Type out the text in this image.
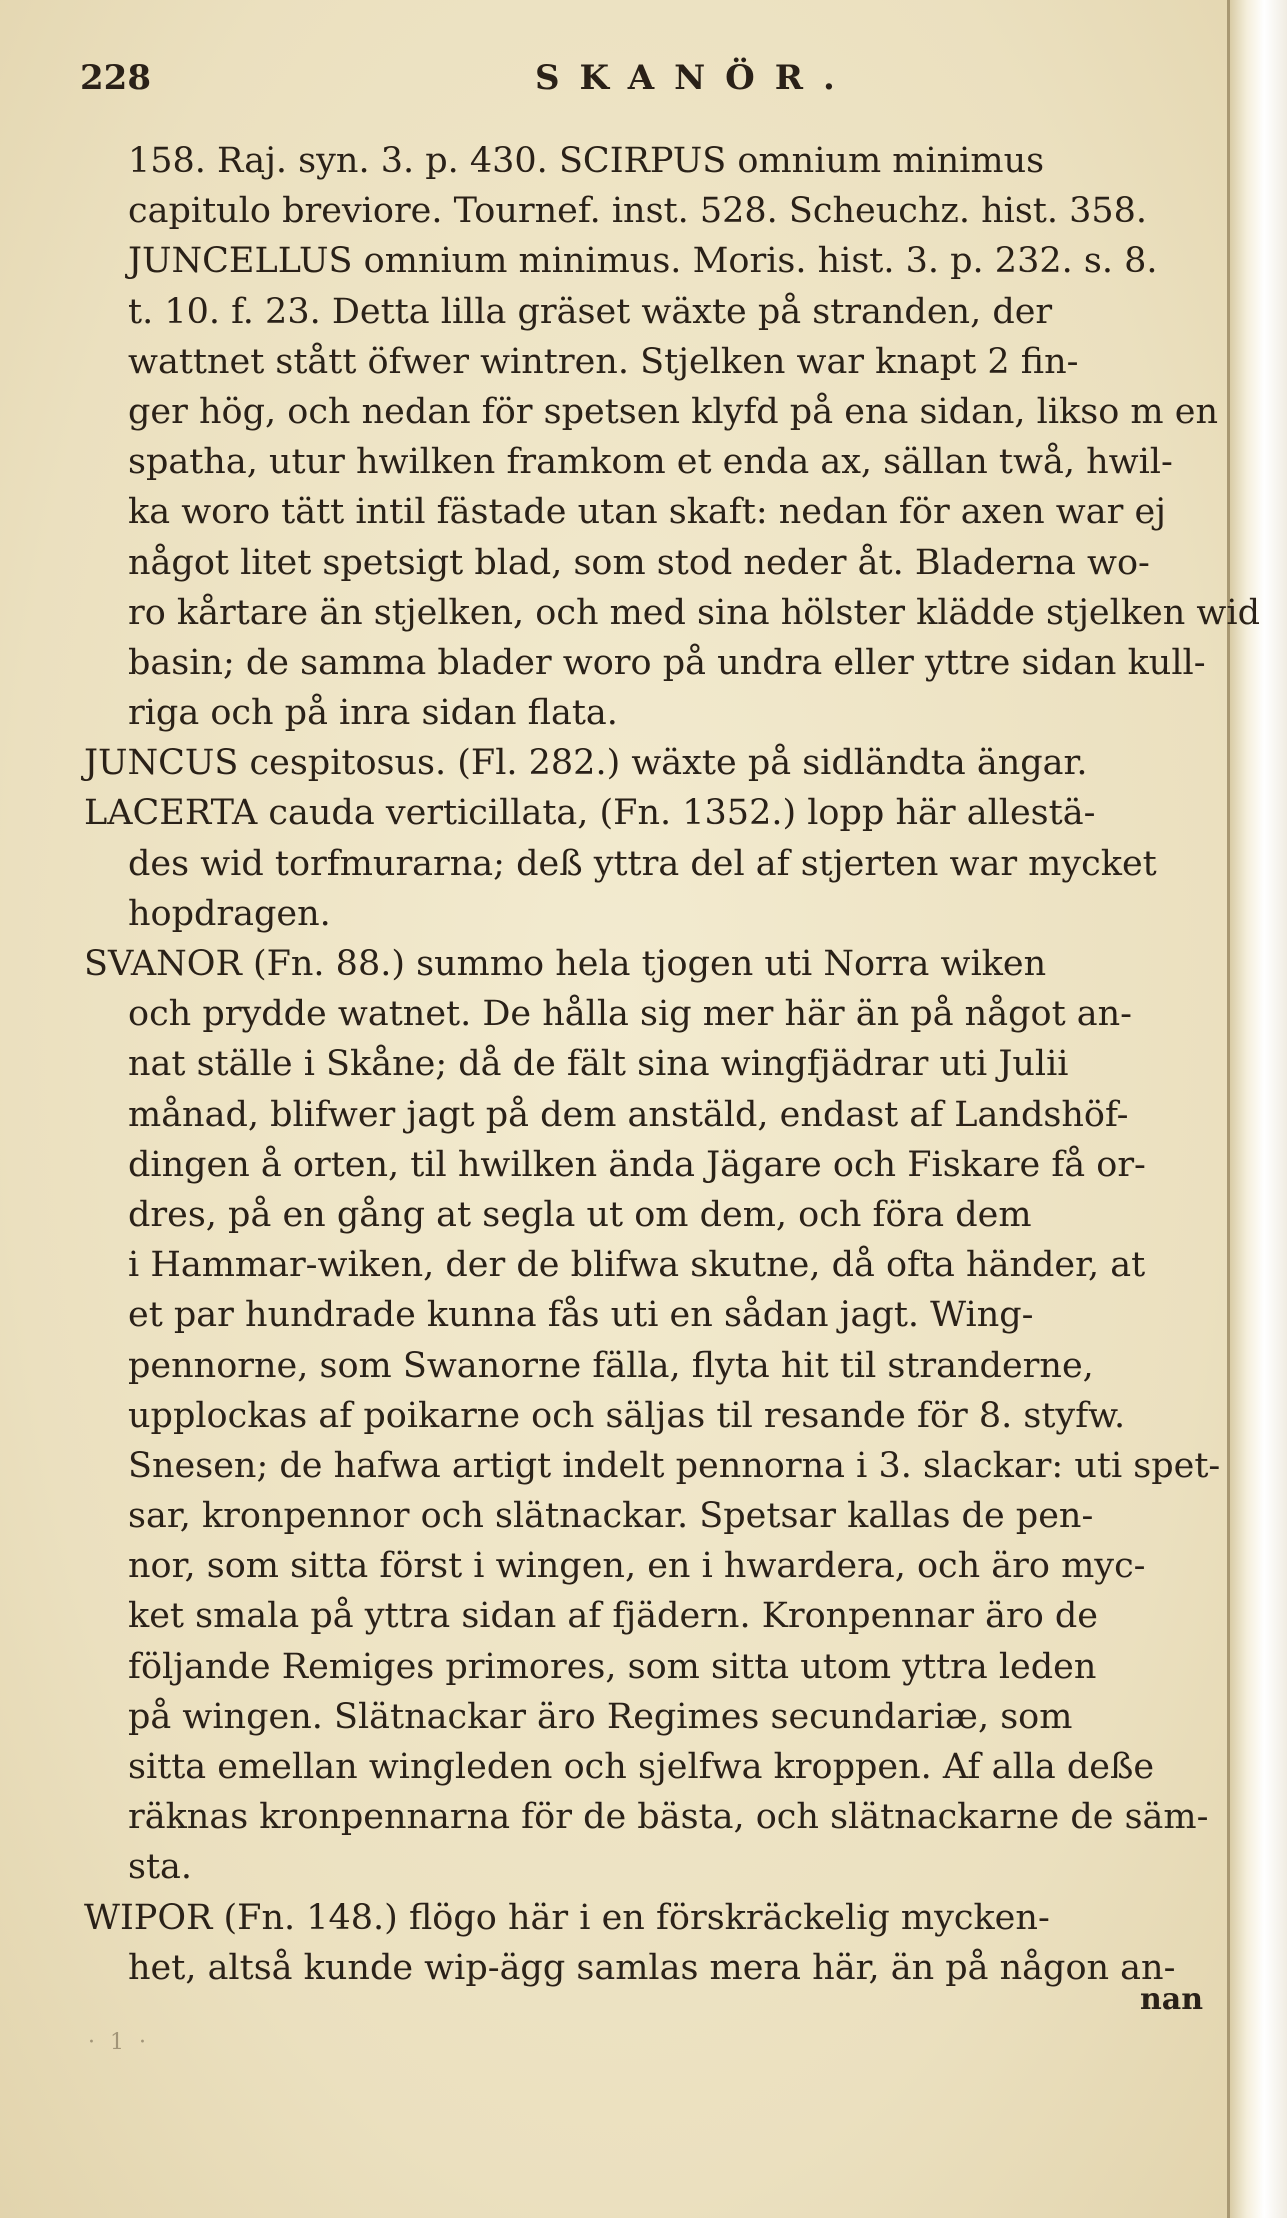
228	SKANÖR.
158. Raj. syn. 3. p. 430. SCIRPUS omnium minimus
capitulo breviore. Tournef. inst. 528. Scheuchz. hist. 358.
JUNCELLUS omnium minimus. Moris. hist. 3. p. 232. s. 8.
t. 10. f. 23. Detta lilla gräset wäxte på stranden, der
wattnet stått öfwer wintren. Stjelken war knapt 2 fin-
ger hög, och nedan för spetsen klyfd på ena sidan, likso m en
spatha, utur hwilken framkom et enda ax, sällan twå, hwil-
ka woro tätt intil fästade utan skaft: nedan för axen war ej
något litet spetsigt blad, som stod neder åt. Bladerna wo-
ro kårtare än stjelken, och med sina hölster klädde stjelken wid
basin; de samma blader woro på undra eller yttre sidan kull-
riga och på inra sidan flata.
JUNCUS cespitosus. (Fl. 282.) wäxte på sidländta ängar.
LACERTA cauda verticillata, (Fn. 1352.) lopp här allestä-
des wid torfmurarna; deß yttra del af stjerten war mycket
hopdragen.
SVANOR (Fn. 88.) summo hela tjogen uti Norra wiken
och prydde watnet. De hålla sig mer här än på något an-
nat ställe i Skåne; då de fält sina wingfjädrar uti Julii
månad, blifwer jagt på dem anstäld, endast af Landshöf-
dingen å orten, til hwilken ända Jägare och Fiskare få or-
dres, på en gång at segla ut om dem, och föra dem
i Hammar-wiken, der de blifwa skutne, då ofta händer, at
et par hundrade kunna fås uti en sådan jagt. Wing-
pennorne, som Swanorne fälla, flyta hit til stranderne,
upplockas af poikarne och säljas til resande för 8. styfw.
Snesen; de hafwa artigt indelt pennorna i 3. slackar: uti spet-
sar, kronpennor och slätnackar. Spetsar kallas de pen-
nor, som sitta först i wingen, en i hwardera, och äro myc-
ket smala på yttra sidan af fjädern. Kronpennar äro de
följande Remiges primores, som sitta utom yttra leden
på wingen. Slätnackar äro Regimes secundariæ, som
sitta emellan wingleden och sjelfwa kroppen. Af alla deße
räknas kronpennarna för de bästa, och slätnackarne de säm-
sta.
WIPOR (Fn. 148.) flögo här i en förskräckelig mycken-
het, altså kunde wip-ägg samlas mera här, än på någon an-
nan
· 1 ·
